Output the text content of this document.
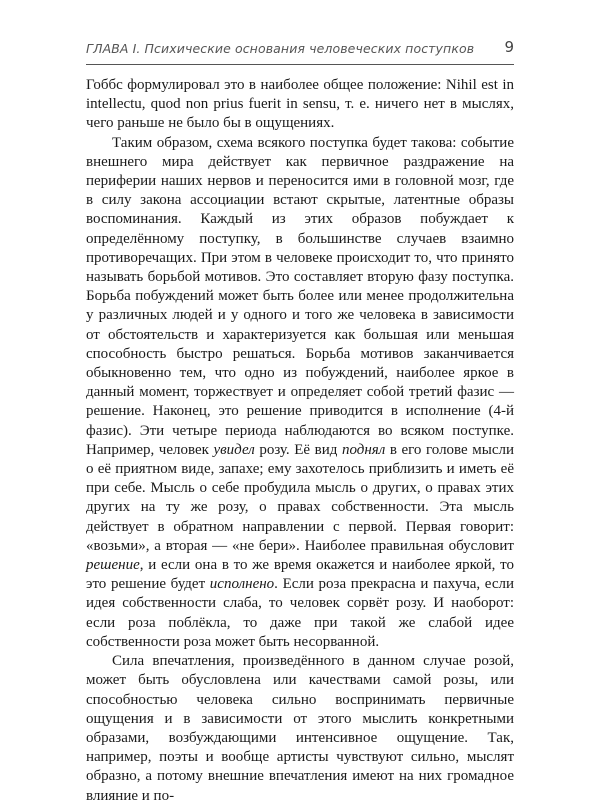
ГЛАВА I. Психические основания человеческих поступков 9

Гоббс формулировал это в наиболее общее положение: Nihil est in intellectu, quod non prius fuerit in sensu, т. е. ничего нет в мыслях, чего раньше не было бы в ощущениях.

Таким образом, схема всякого поступка будет такова: событие внешнего мира действует как первичное раздражение на периферии наших нервов и переносится ими в головной мозг, где в силу закона ассоциации встают скрытые, латентные образы воспоминания. Каждый из этих образов побуждает к определённому поступку, в большинстве случаев взаимно противоречащих. При этом в человеке происходит то, что принято называть борьбой мотивов. Это составляет вторую фазу поступка. Борьба побуждений может быть более или менее продолжительна у различных людей и у одного и того же человека в зависимости от обстоятельств и характеризуется как большая или меньшая способность быстро решаться. Борьба мотивов заканчивается обыкновенно тем, что одно из побуждений, наиболее яркое в данный момент, торжествует и определяет собой третий фазис — решение. Наконец, это решение приводится в исполнение (4-й фазис). Эти четыре периода наблюдаются во всяком поступке. Например, человек увидел розу. Её вид поднял в его голове мысли о её приятном виде, запахе; ему захотелось приблизить и иметь её при себе. Мысль о себе пробудила мысль о других, о правах этих других на ту же розу, о правах собственности. Эта мысль действует в обратном направлении с первой. Первая говорит: «возьми», а вторая — «не бери». Наиболее правильная обусловит решение, и если она в то же время окажется и наиболее яркой, то это решение будет исполнено. Если роза прекрасна и пахуча, если идея собственности слаба, то человек сорвёт розу. И наоборот: если роза поблёкла, то даже при такой же слабой идее собственности роза может быть несорванной.

Сила впечатления, произведённого в данном случае розой, может быть обусловлена или качествами самой розы, или способностью человека сильно воспринимать первичные ощущения и в зависимости от этого мыслить конкретными образами, возбуждающими интенсивное ощущение. Так, например, поэты и вообще артисты чувствуют сильно, мыслят образно, а потому внешние впечатления имеют на них громадное влияние и по-
